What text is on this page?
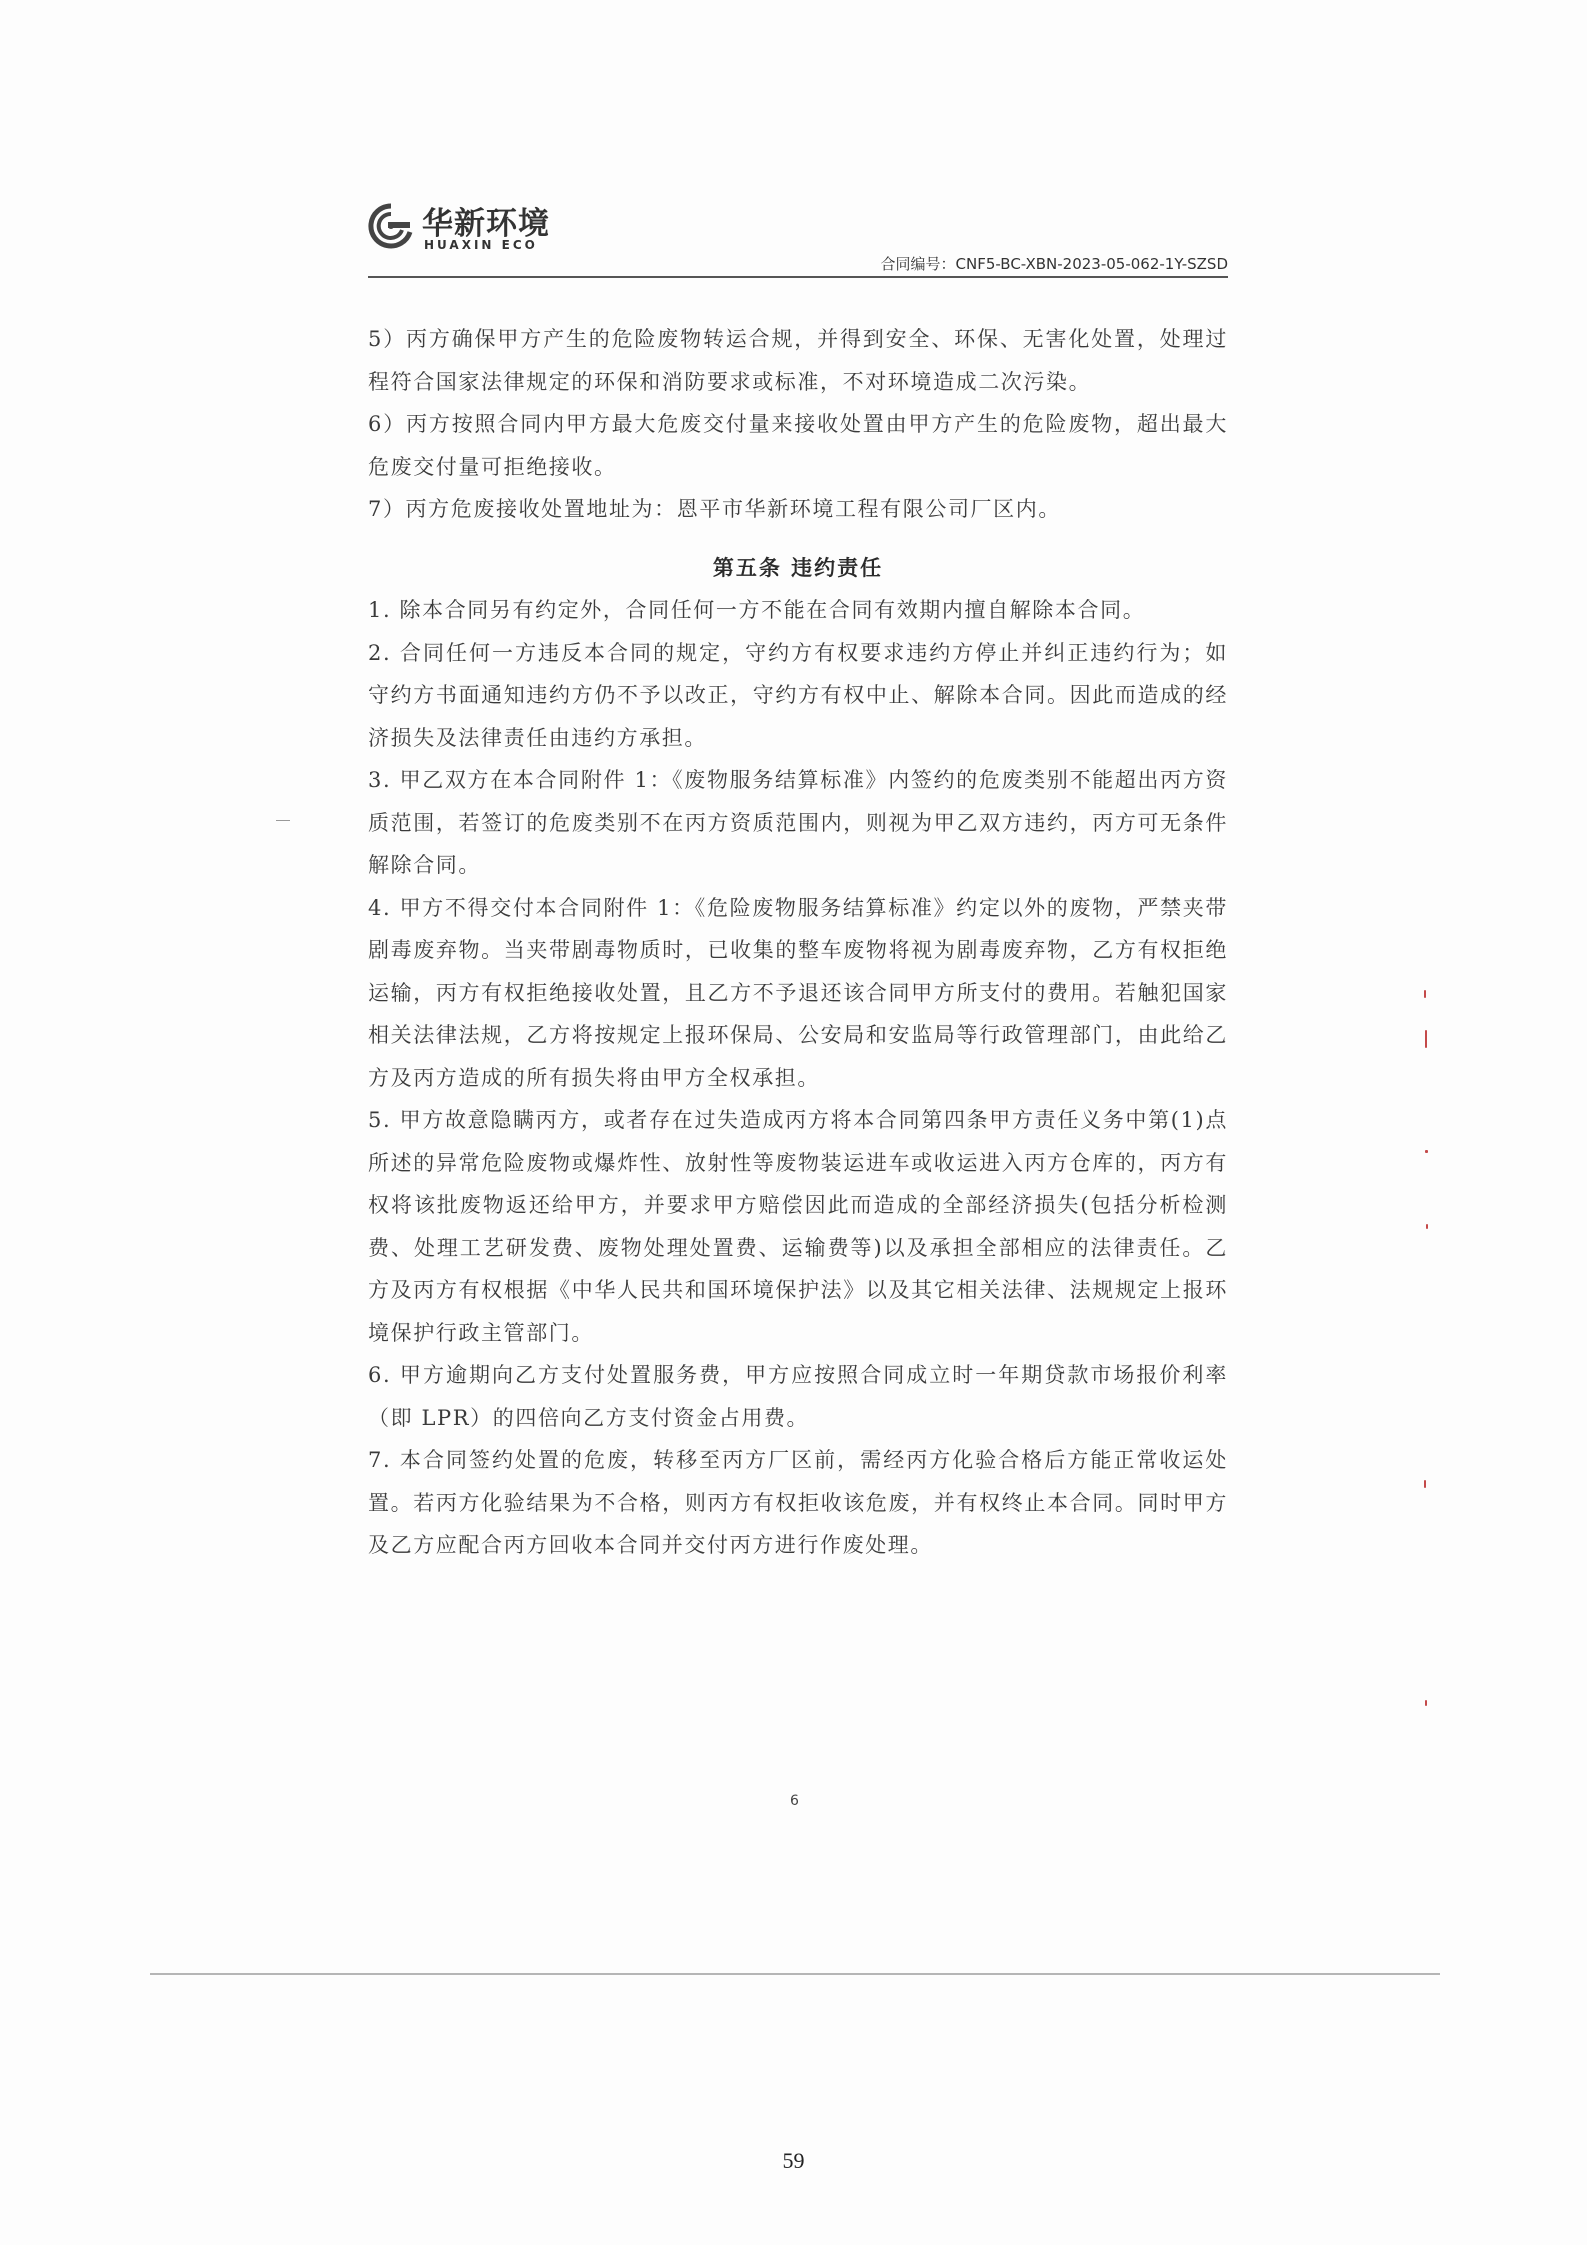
华新环境
HUAXIN ECO
合同编号：CNF5-BC-XBN-2023-05-062-1Y-SZSD

5）丙方确保甲方产生的危险废物转运合规，并得到安全、环保、无害化处置，处理过程符合国家法律规定的环保和消防要求或标准，不对环境造成二次污染。

6）丙方按照合同内甲方最大危废交付量来接收处置由甲方产生的危险废物，超出最大危废交付量可拒绝接收。

7）丙方危废接收处置地址为：恩平市华新环境工程有限公司厂区内。

第五条 违约责任

1. 除本合同另有约定外，合同任何一方不能在合同有效期内擅自解除本合同。

2. 合同任何一方违反本合同的规定，守约方有权要求违约方停止并纠正违约行为；如守约方书面通知违约方仍不予以改正，守约方有权中止、解除本合同。因此而造成的经济损失及法律责任由违约方承担。

3. 甲乙双方在本合同附件 1：《废物服务结算标准》内签约的危废类别不能超出丙方资质范围，若签订的危废类别不在丙方资质范围内，则视为甲乙双方违约，丙方可无条件解除合同。

4. 甲方不得交付本合同附件 1：《危险废物服务结算标准》约定以外的废物，严禁夹带剧毒废弃物。当夹带剧毒物质时，已收集的整车废物将视为剧毒废弃物，乙方有权拒绝运输，丙方有权拒绝接收处置，且乙方不予退还该合同甲方所支付的费用。若触犯国家相关法律法规，乙方将按规定上报环保局、公安局和安监局等行政管理部门，由此给乙方及丙方造成的所有损失将由甲方全权承担。

5. 甲方故意隐瞒丙方，或者存在过失造成丙方将本合同第四条甲方责任义务中第(1)点所述的异常危险废物或爆炸性、放射性等废物装运进车或收运进入丙方仓库的，丙方有权将该批废物返还给甲方，并要求甲方赔偿因此而造成的全部经济损失(包括分析检测费、处理工艺研发费、废物处理处置费、运输费等)以及承担全部相应的法律责任。乙方及丙方有权根据《中华人民共和国环境保护法》以及其它相关法律、法规规定上报环境保护行政主管部门。

6. 甲方逾期向乙方支付处置服务费，甲方应按照合同成立时一年期贷款市场报价利率（即 LPR）的四倍向乙方支付资金占用费。

7. 本合同签约处置的危废，转移至丙方厂区前，需经丙方化验合格后方能正常收运处置。若丙方化验结果为不合格，则丙方有权拒收该危废，并有权终止本合同。同时甲方及乙方应配合丙方回收本合同并交付丙方进行作废处理。

6
59
